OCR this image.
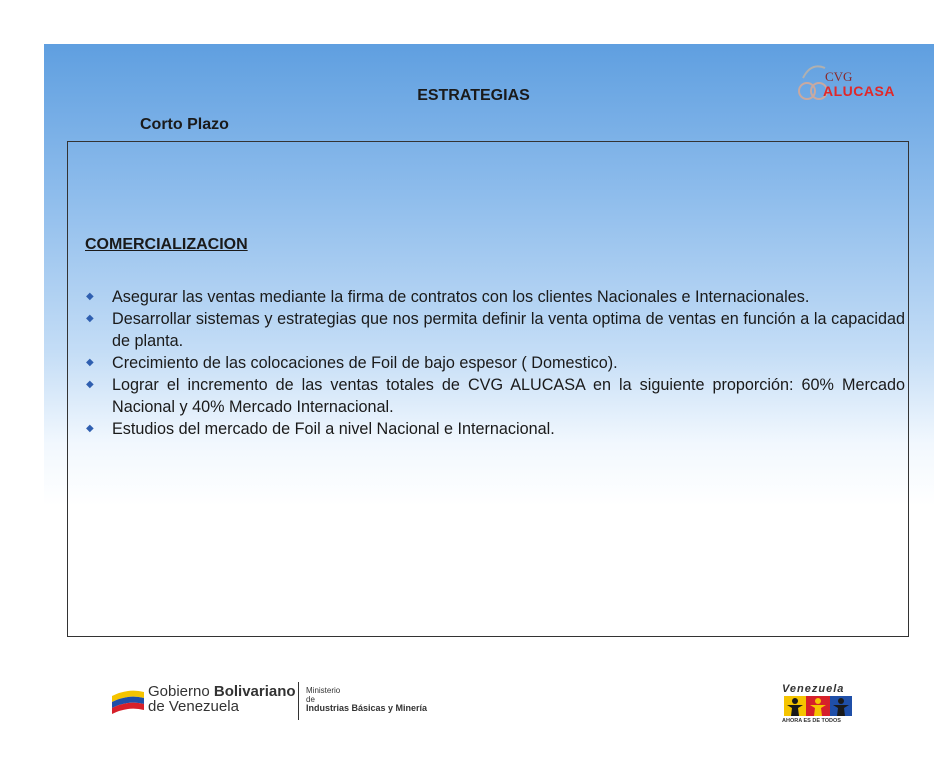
CVG
ALUCASA
ESTRATEGIAS
Corto Plazo
COMERCIALIZACION
◆ Asegurar las ventas mediante la firma de contratos con los clientes Nacionales e Internacionales.
◆ Desarrollar sistemas y estrategias que nos permita definir la venta optima de ventas en función a la capacidad de planta.
◆ Crecimiento de las colocaciones de Foil de bajo espesor ( Domestico).
◆ Lograr el incremento de las ventas totales de CVG ALUCASA en la siguiente proporción: 60% Mercado Nacional y 40% Mercado Internacional.
◆ Estudios del mercado de Foil a nivel Nacional e Internacional.
Gobierno Bolivariano
de Venezuela
Ministerio
de
Industrias Básicas y Minería
Venezuela
AHORA ES DE TODOS
